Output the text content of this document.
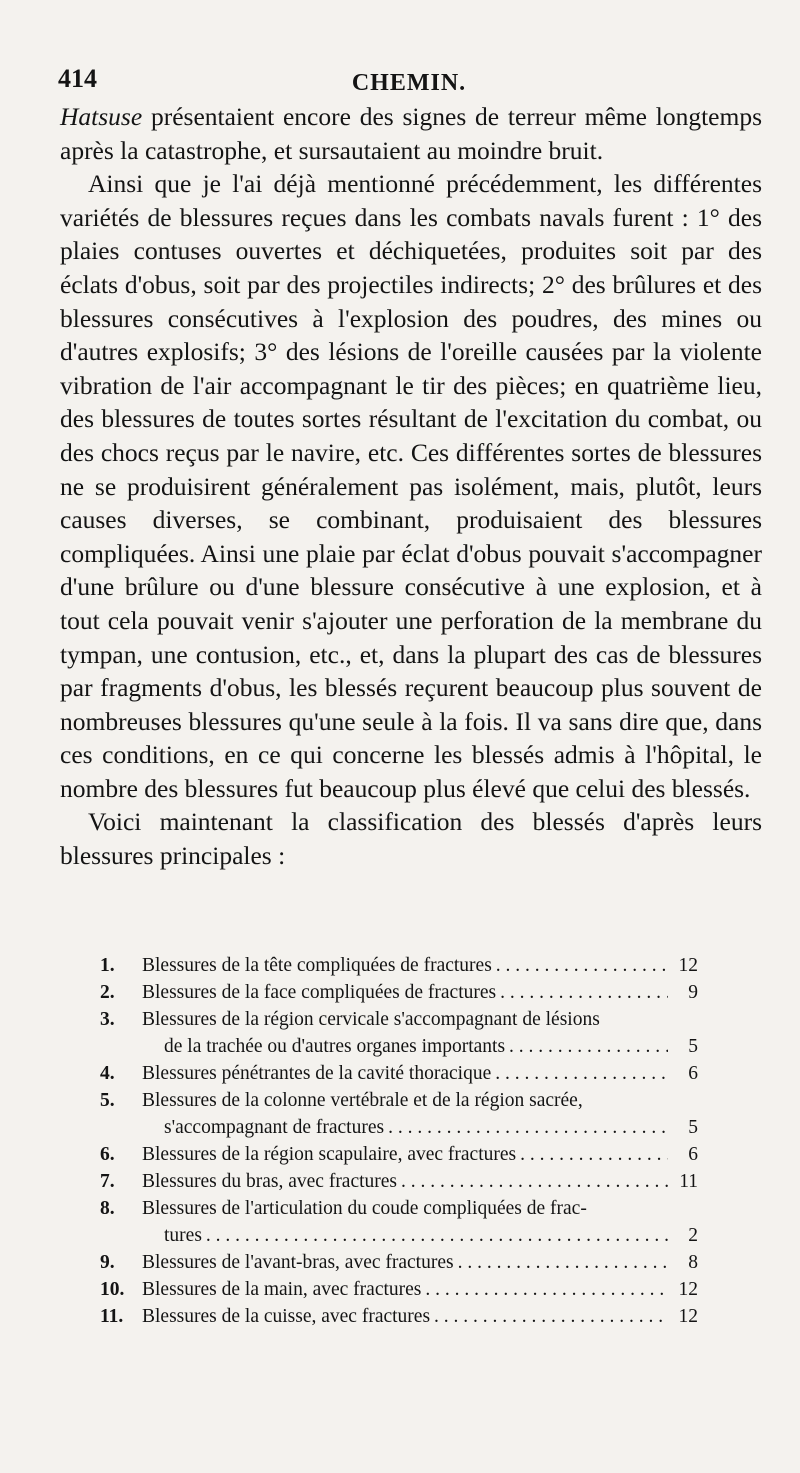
414	CHEMIN.

Hatsuse présentaient encore des signes de terreur même longtemps après la catastrophe, et sursautaient au moindre bruit.

Ainsi que je l'ai déjà mentionné précédemment, les différentes variétés de blessures reçues dans les combats navals furent : 1° des plaies contuses ouvertes et déchiquetées, produites soit par des éclats d'obus, soit par des projectiles indirects; 2° des brûlures et des blessures consécutives à l'explosion des poudres, des mines ou d'autres explosifs; 3° des lésions de l'oreille causées par la violente vibration de l'air accompagnant le tir des pièces; en quatrième lieu, des blessures de toutes sortes résultant de l'excitation du combat, ou des chocs reçus par le navire, etc. Ces différentes sortes de blessures ne se produisirent généralement pas isolément, mais, plutôt, leurs causes diverses, se combinant, produisaient des blessures compliquées. Ainsi une plaie par éclat d'obus pouvait s'accompagner d'une brûlure ou d'une blessure consécutive à une explosion, et à tout cela pouvait venir s'ajouter une perforation de la membrane du tympan, une contusion, etc., et, dans la plupart des cas de blessures par fragments d'obus, les blessés reçurent beaucoup plus souvent de nombreuses blessures qu'une seule à la fois. Il va sans dire que, dans ces conditions, en ce qui concerne les blessés admis à l'hôpital, le nombre des blessures fut beaucoup plus élevé que celui des blessés.

Voici maintenant la classification des blessés d'après leurs blessures principales :

1.	Blessures de la tête compliquées de fractures . . .	12
2.	Blessures de la face compliquées de fractures . . .	9
3.	Blessures de la région cervicale s'accompagnant de lésions
de la trachée ou d'autres organes importants . . .	5
4.	Blessures pénétrantes de la cavité thoracique . . .	6
5.	Blessures de la colonne vertébrale et de la région sacrée,
s'accompagnant de fractures . . .	5
6.	Blessures de la région scapulaire, avec fractures . . .	6
7.	Blessures du bras, avec fractures . . .	11
8.	Blessures de l'articulation du coude compliquées de frac-
tures . . .	2
9.	Blessures de l'avant-bras, avec fractures . . .	8
10. Blessures de la main, avec fractures . . .	12
11. Blessures de la cuisse, avec fractures . . .	12
